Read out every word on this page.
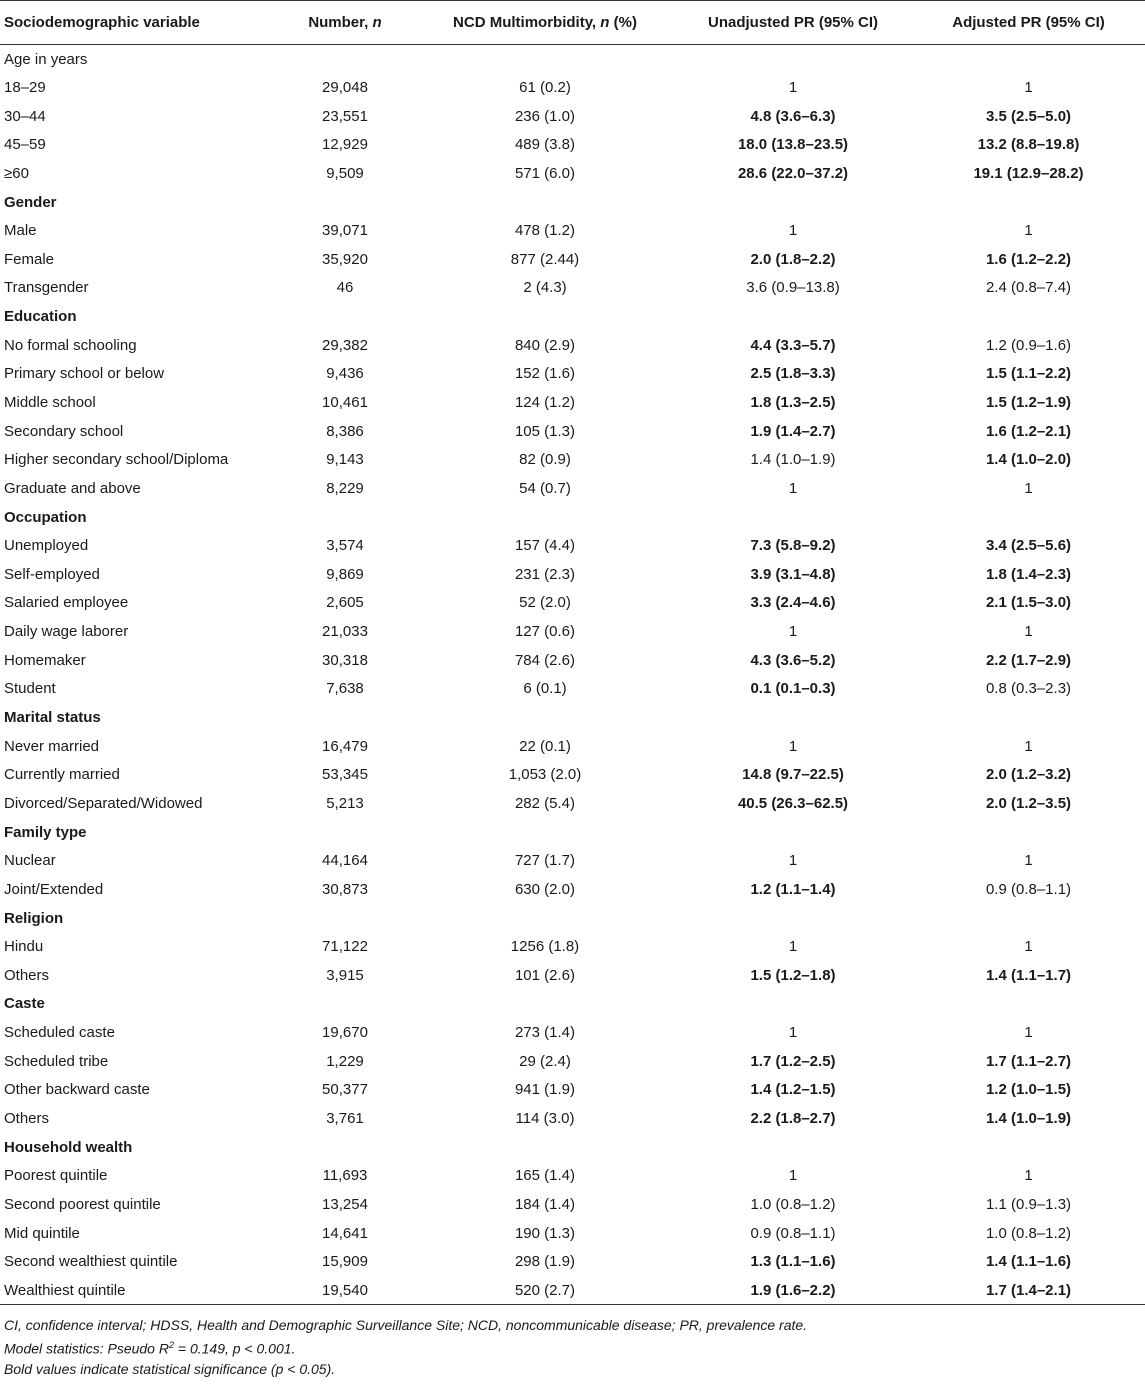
Sociodemographic variable	Number, n	NCD Multimorbidity, n (%)	Unadjusted PR (95% CI)	Adjusted PR (95% CI)
Age in years				
18–29	29,048	61 (0.2)	1	1
30–44	23,551	236 (1.0)	4.8 (3.6–6.3)	3.5 (2.5–5.0)
45–59	12,929	489 (3.8)	18.0 (13.8–23.5)	13.2 (8.8–19.8)
≥60	9,509	571 (6.0)	28.6 (22.0–37.2)	19.1 (12.9–28.2)
Gender				
Male	39,071	478 (1.2)	1	1
Female	35,920	877 (2.44)	2.0 (1.8–2.2)	1.6 (1.2–2.2)
Transgender	46	2 (4.3)	3.6 (0.9–13.8)	2.4 (0.8–7.4)
Education				
No formal schooling	29,382	840 (2.9)	4.4 (3.3–5.7)	1.2 (0.9–1.6)
Primary school or below	9,436	152 (1.6)	2.5 (1.8–3.3)	1.5 (1.1–2.2)
Middle school	10,461	124 (1.2)	1.8 (1.3–2.5)	1.5 (1.2–1.9)
Secondary school	8,386	105 (1.3)	1.9 (1.4–2.7)	1.6 (1.2–2.1)
Higher secondary school/Diploma	9,143	82 (0.9)	1.4 (1.0–1.9)	1.4 (1.0–2.0)
Graduate and above	8,229	54 (0.7)	1	1
Occupation				
Unemployed	3,574	157 (4.4)	7.3 (5.8–9.2)	3.4 (2.5–5.6)
Self-employed	9,869	231 (2.3)	3.9 (3.1–4.8)	1.8 (1.4–2.3)
Salaried employee	2,605	52 (2.0)	3.3 (2.4–4.6)	2.1 (1.5–3.0)
Daily wage laborer	21,033	127 (0.6)	1	1
Homemaker	30,318	784 (2.6)	4.3 (3.6–5.2)	2.2 (1.7–2.9)
Student	7,638	6 (0.1)	0.1 (0.1–0.3)	0.8 (0.3–2.3)
Marital status				
Never married	16,479	22 (0.1)	1	1
Currently married	53,345	1,053 (2.0)	14.8 (9.7–22.5)	2.0 (1.2–3.2)
Divorced/Separated/Widowed	5,213	282 (5.4)	40.5 (26.3–62.5)	2.0 (1.2–3.5)
Family type				
Nuclear	44,164	727 (1.7)	1	1
Joint/Extended	30,873	630 (2.0)	1.2 (1.1–1.4)	0.9 (0.8–1.1)
Religion				
Hindu	71,122	1256 (1.8)	1	1
Others	3,915	101 (2.6)	1.5 (1.2–1.8)	1.4 (1.1–1.7)
Caste				
Scheduled caste	19,670	273 (1.4)	1	1
Scheduled tribe	1,229	29 (2.4)	1.7 (1.2–2.5)	1.7 (1.1–2.7)
Other backward caste	50,377	941 (1.9)	1.4 (1.2–1.5)	1.2 (1.0–1.5)
Others	3,761	114 (3.0)	2.2 (1.8–2.7)	1.4 (1.0–1.9)
Household wealth				
Poorest quintile	11,693	165 (1.4)	1	1
Second poorest quintile	13,254	184 (1.4)	1.0 (0.8–1.2)	1.1 (0.9–1.3)
Mid quintile	14,641	190 (1.3)	0.9 (0.8–1.1)	1.0 (0.8–1.2)
Second wealthiest quintile	15,909	298 (1.9)	1.3 (1.1–1.6)	1.4 (1.1–1.6)
Wealthiest quintile	19,540	520 (2.7)	1.9 (1.6–2.2)	1.7 (1.4–2.1)
CI, confidence interval; HDSS, Health and Demographic Surveillance Site; NCD, noncommunicable disease; PR, prevalence rate.
Model statistics: Pseudo $R^2 = 0.149$, p < 0.001.
Bold values indicate statistical significance (p < 0.05).
